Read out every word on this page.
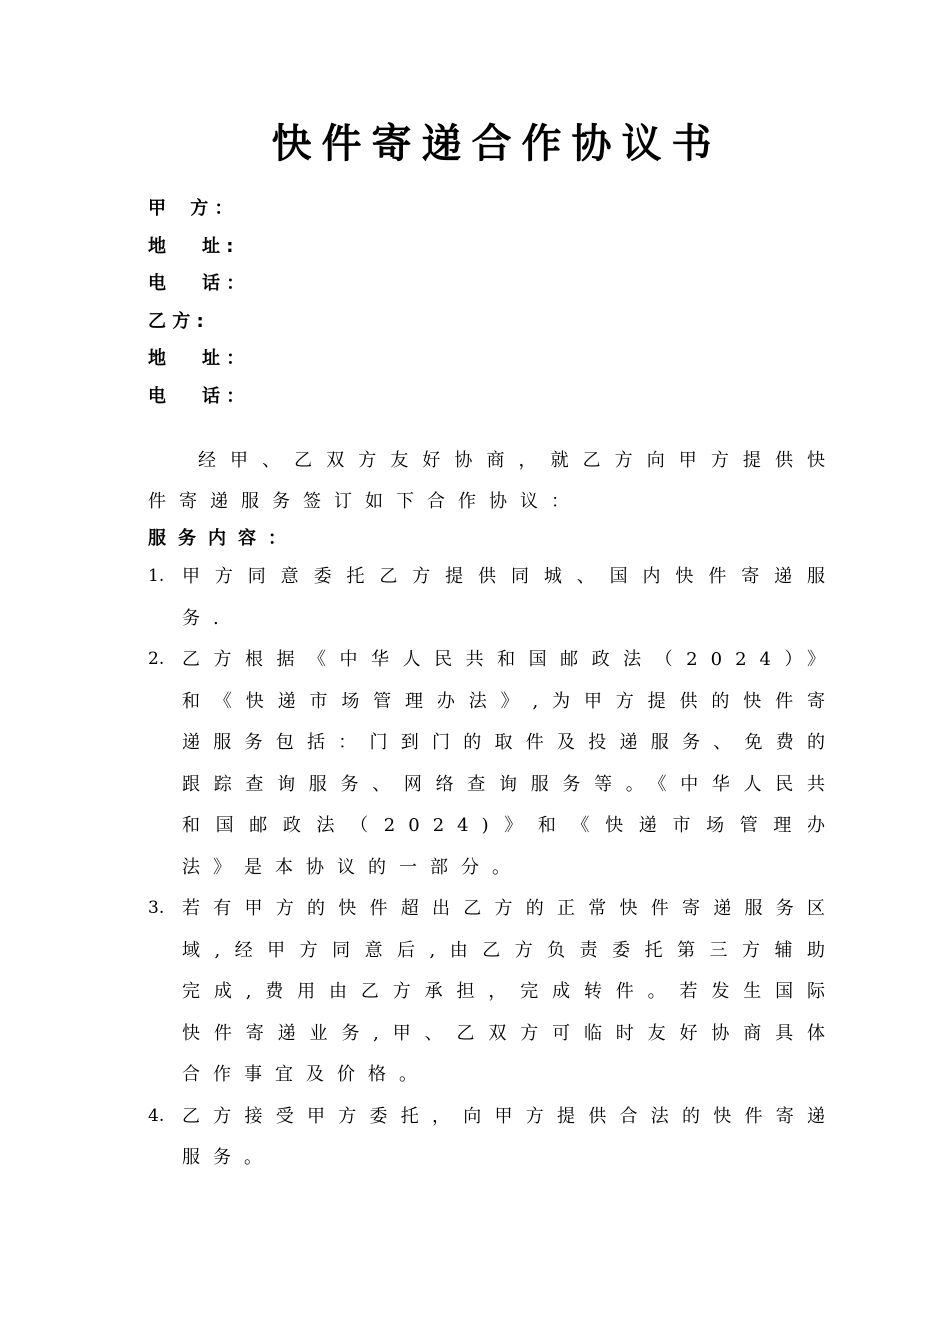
快件寄递合作协议书
甲　 方 ：
地　　址 :
电　　话 ：
乙 方 :
地　　址 ：
电　　话 ：

经甲、乙双方友好协商，就乙方向甲方提供快件寄递服务签订如下合作协议：

服务内容：

1. 甲方同意委托乙方提供同城、国内快件寄递服务.
2. 乙方根据《中华人民共和国邮政法（2024）》和《快递市场管理办法》,为甲方提供的快件寄递服务包括：门到门的取件及投递服务、免费的跟踪查询服务、网络查询服务等。《中华人民共和国邮政法（2024)》和《快递市场管理办法》是本协议的一部分。
3. 若有甲方的快件超出乙方的正常快件寄递服务区域,经甲方同意后,由乙方负责委托第三方辅助完成,费用由乙方承担，完成转件。若发生国际快件寄递业务,甲、乙双方可临时友好协商具体合作事宜及价格。
4. 乙方接受甲方委托，向甲方提供合法的快件寄递服务。
